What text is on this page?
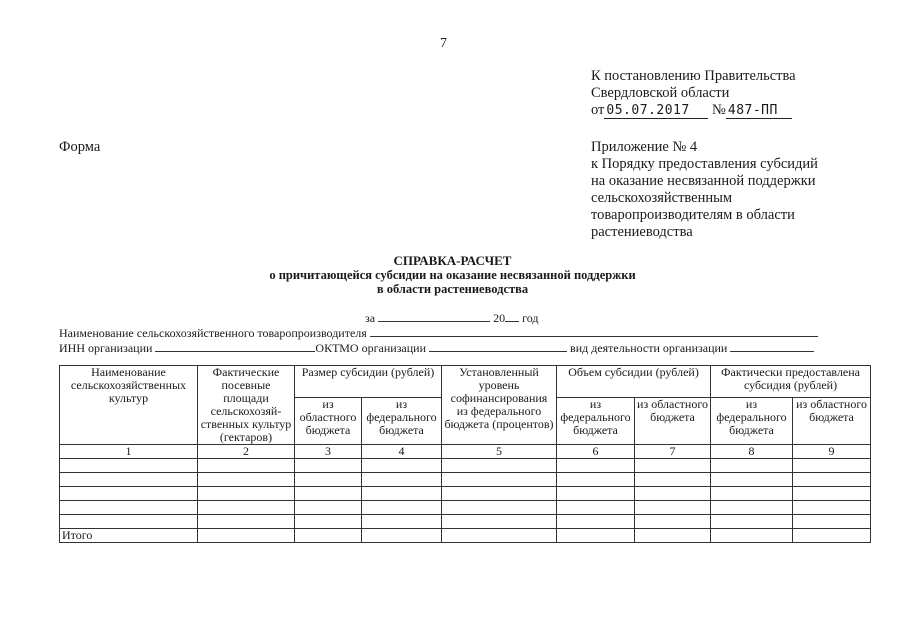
7
К постановлению Правительства
Свердловской области
от 05.07.2017 № 487-ПП
Форма	Приложение № 4
к Порядку предоставления субсидий
на оказание несвязанной поддержки
сельскохозяйственным
товаропроизводителям в области
растениеводства
СПРАВКА-РАСЧЕТ
о причитающейся субсидии на оказание несвязанной поддержки
в области растениеводства
за	20 год
Наименование сельскохозяйственного товаропроизводителя
ИНН организации	ОКТМО организации	вид деятельности организации
Наименование сельскохозяйственных культур	Фактические посевные площади сельскохозяй-ственных культур (гектаров)	Размер субсидии (рублей)		Установленный уровень софинансирования из федерального бюджета (процентов)	Объем субсидии (рублей)		Фактически предоставлена субсидия (рублей)	
		из областного бюджета	из федерального бюджета		из федерального бюджета	из областного бюджета	из федерального бюджета	из областного бюджета
1	2	3	4	5	6	7	8	9

Итого								
